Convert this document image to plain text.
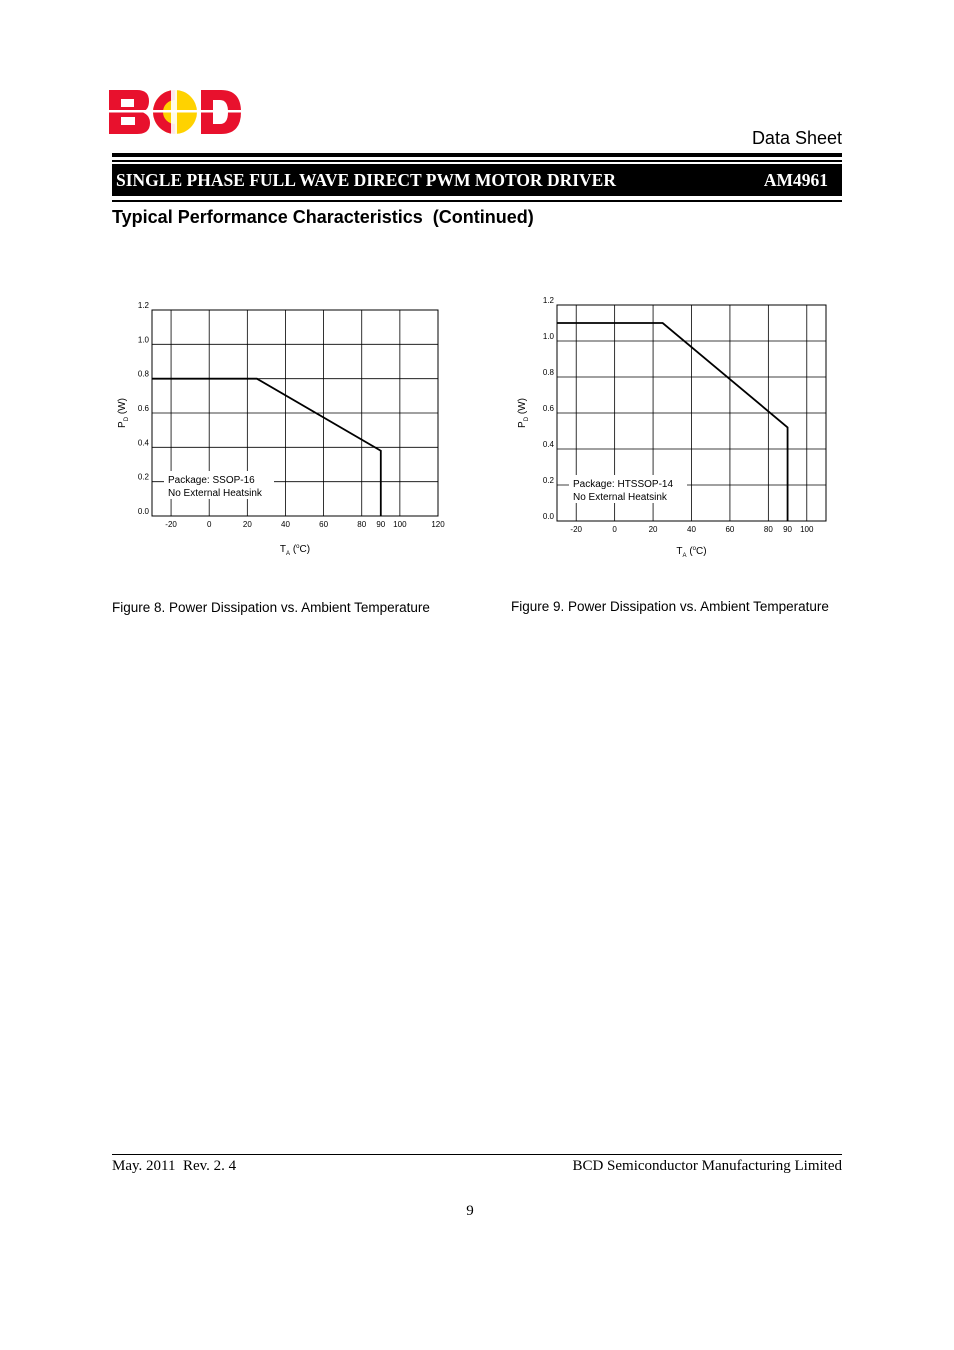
Data Sheet
SINGLE PHASE FULL WAVE DIRECT PWM MOTOR DRIVER	AM4961
Typical Performance Characteristics  (Continued)
Package: SSOP-16
No External Heatsink
0.0
0.2
0.4
0.6
0.8
1.0
1.2
-20	0	20	40	60	80 90 100	120
$T_A$ ($^o$C)
$P_D$ (W)
Package: HTSSOP-14
No External Heatsink
0.0
0.2
0.4
0.6
0.8
1.0
1.2
-20	0	20	40	60	80 90 100
$T_A$ ($^o$C)
$P_D$ (W)
Figure 8. Power Dissipation vs. Ambient Temperature	Figure 9. Power Dissipation vs. Ambient Temperature
May. 2011  Rev. 2. 4	BCD Semiconductor Manufacturing Limited
9
